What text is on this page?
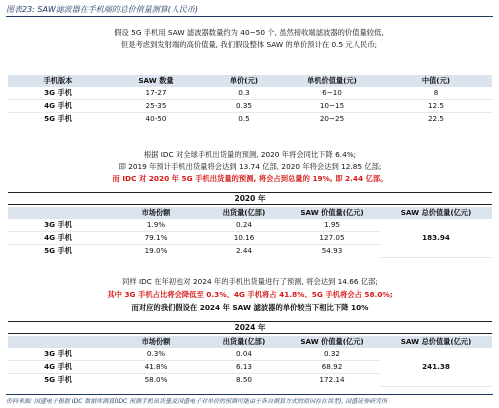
图表23: SAW滤波器在手机端的总价值量测算(人民币)
假设 5G 手机用 SAW 滤波器数量约为 40~50 个, 虽然接收端滤波器的价值量较低,
但是考虑到发射端的高价值量, 我们假设整体 SAW 的单价预计在 0.5 元人民币;
手机版本	SAW 数量	单价(元)	单机价值量(元)	中值(元)
3G 手机	17-27	0.3	6~10	8
4G 手机	25-35	0.35	10~15	12.5
5G 手机	40-50	0.5	20~25	22.5
根据 IDC 对全球手机出货量的预测, 2020 年将会同比下降 6.4%;
即 2019 年预计手机出货量将会达到 13.74 亿部, 2020 年将会达到 12.85 亿部;
而 IDC 对 2020 年 5G 手机出货量的预测, 将会占到总量的 19%, 即 2.44 亿部。
2020 年
	市场份额	出货量(亿部)	SAW 价值量(亿元)	SAW 总价值量(亿元)
3G 手机	1.9%	0.24	1.95	183.94
4G 手机	79.1%	10.16	127.05	
5G 手机	19.0%	2.44	54.93	
同样 IDC 在年初也对 2024 年的手机出货量进行了预测, 将会达到 14.66 亿部;
其中 3G 手机占比将会降低至 0.3%、4G 手机将占 41.8%、5G 手机将会占 58.0%;
而对应的我们假设在 2024 年 SAW 滤波器的单价较当下相比下降 10%
2024 年
	市场份额	出货量(亿部)	SAW 价值量(亿元)	SAW 总价值量(亿元)
3G 手机	0.3%	0.04	0.32	241.38
4G 手机	41.8%	6.13	68.92	
5G 手机	58.0%	8.50	172.14	
资料来源: 国盛电子根据 IDC 数据库测算(IDC 预测手机出货量及国盛电子对单价的预测可能由于各自测算方式的原因存在误差), 国盛证券研究所
